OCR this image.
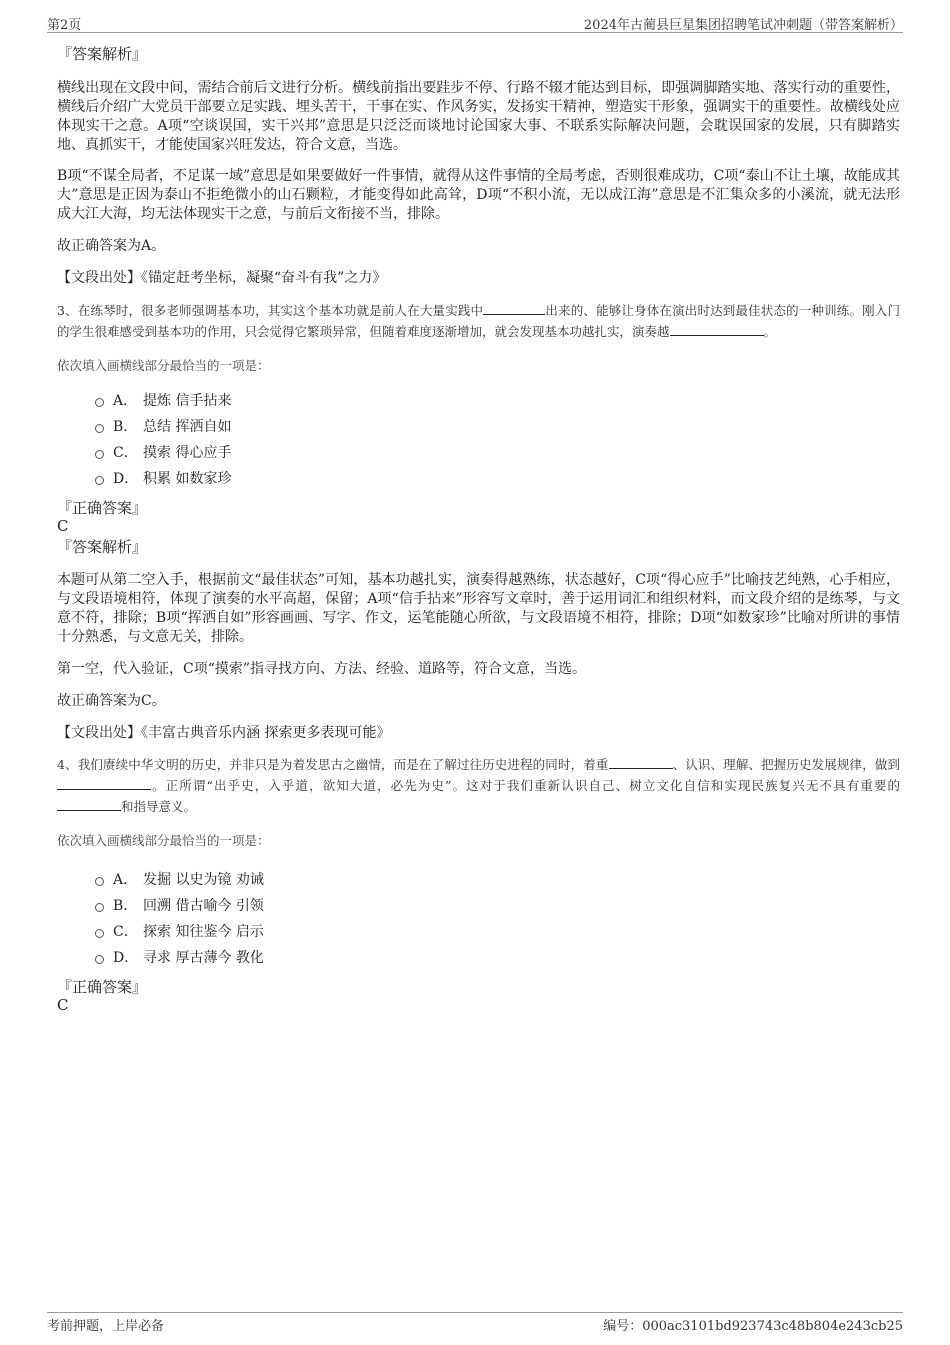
第2页	2024年古蔺县巨星集团招聘笔试冲刺题（带答案解析）
『答案解析』

横线出现在文段中间，需结合前后文进行分析。横线前指出要跬步不停、行路不辍才能达到目标，即强调脚踏实地、落实行动的重要性，横线后介绍广大党员干部要立足实践、埋头苦干，干事在实、作风务实，发扬实干精神，塑造实干形象，强调实干的重要性。故横线处应体现实干之意。A项“空谈误国，实干兴邦”意思是只泛泛而谈地讨论国家大事、不联系实际解决问题，会耽误国家的发展，只有脚踏实地、真抓实干，才能使国家兴旺发达，符合文意，当选。

B项“不谋全局者，不足谋一域”意思是如果要做好一件事情，就得从这件事情的全局考虑，否则很难成功，C项“泰山不让土壤，故能成其大”意思是正因为泰山不拒绝微小的山石颗粒，才能变得如此高耸，D项“不积小流，无以成江海”意思是不汇集众多的小溪流，就无法形成大江大海，均无法体现实干之意，与前后文衔接不当，排除。

故正确答案为A。

【文段出处】《锚定赶考坐标，凝聚“奋斗有我”之力》

3、在练琴时，很多老师强调基本功，其实这个基本功就是前人在大量实践中	出来的、能够让身体在演出时达到最佳状态的一种训练。刚入门的学生很难感受到基本功的作用，只会觉得它繁琐异常，但随着难度逐渐增加，就会发现基本功越扎实，演奏越	。

依次填入画横线部分最恰当的一项是：

A． 提炼 信手拈来
B． 总结 挥洒自如
C． 摸索 得心应手
D． 积累 如数家珍
『正确答案』
C
『答案解析』

本题可从第二空入手，根据前文“最佳状态”可知，基本功越扎实，演奏得越熟练，状态越好，C项“得心应手”比喻技艺纯熟，心手相应，与文段语境相符，体现了演奏的水平高超，保留；A项“信手拈来”形容写文章时，善于运用词汇和组织材料，而文段介绍的是练琴，与文意不符，排除；B项“挥洒自如”形容画画、写字、作文，运笔能随心所欲，与文段语境不相符，排除；D项“如数家珍”比喻对所讲的事情十分熟悉，与文意无关，排除。

第一空，代入验证，C项“摸索”指寻找方向、方法、经验、道路等，符合文意，当选。

故正确答案为C。

【文段出处】《丰富古典音乐内涵 探索更多表现可能》

4、我们赓续中华文明的历史，并非只是为着发思古之幽情，而是在了解过往历史进程的同时，着重	、认识、理解、把握历史发展规律，做到。正所谓“出乎史，入乎道，欲知大道，必先为史”。这对于我们重新认识自己、树立文化自信和实现民族复兴无不具有重要的和指导意义。

依次填入画横线部分最恰当的一项是：

A． 发掘 以史为镜 劝诫
B． 回溯 借古喻今 引领
C． 探索 知往鉴今 启示
D． 寻求 厚古薄今 教化
『正确答案』
C
考前押题，上岸必备	编号：000ac3101bd923743c48b804e243cb25
